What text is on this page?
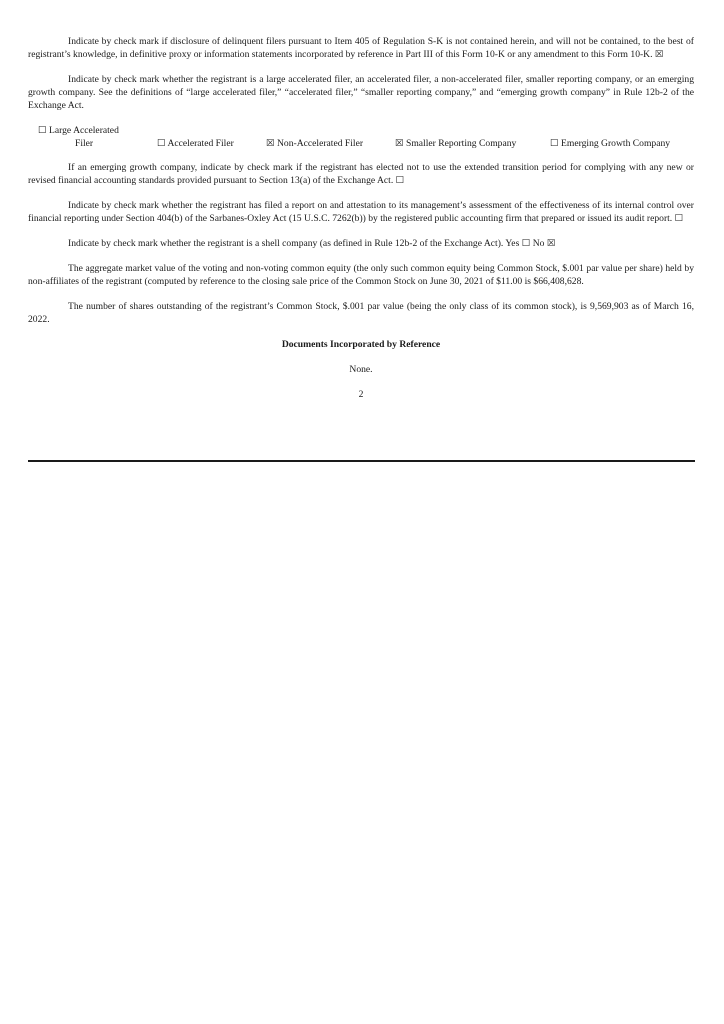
Indicate by check mark if disclosure of delinquent filers pursuant to Item 405 of Regulation S-K is not contained herein, and will not be contained, to the best of registrant’s knowledge, in definitive proxy or information statements incorporated by reference in Part III of this Form 10-K or any amendment to this Form 10-K. ☒

Indicate by check mark whether the registrant is a large accelerated filer, an accelerated filer, a non-accelerated filer, smaller reporting company, or an emerging growth company. See the definitions of “large accelerated filer,” “accelerated filer,” “smaller reporting company,” and “emerging growth company” in Rule 12b-2 of the Exchange Act.

☐ Large Accelerated
Filer	☐ Accelerated Filer	☒ Non-Accelerated Filer	☒ Smaller Reporting Company	☐ Emerging Growth Company

If an emerging growth company, indicate by check mark if the registrant has elected not to use the extended transition period for complying with any new or revised financial accounting standards provided pursuant to Section 13(a) of the Exchange Act. ☐

Indicate by check mark whether the registrant has filed a report on and attestation to its management’s assessment of the effectiveness of its internal control over financial reporting under Section 404(b) of the Sarbanes-Oxley Act (15 U.S.C. 7262(b)) by the registered public accounting firm that prepared or issued its audit report. ☐

Indicate by check mark whether the registrant is a shell company (as defined in Rule 12b-2 of the Exchange Act). Yes ☐ No ☒

The aggregate market value of the voting and non-voting common equity (the only such common equity being Common Stock, $.001 par value per share) held by non-affiliates of the registrant (computed by reference to the closing sale price of the Common Stock on June 30, 2021 of $11.00 is $66,408,628.

The number of shares outstanding of the registrant’s Common Stock, $.001 par value (being the only class of its common stock), is 9,569,903 as of March 16, 2022.

Documents Incorporated by Reference

None.

2
